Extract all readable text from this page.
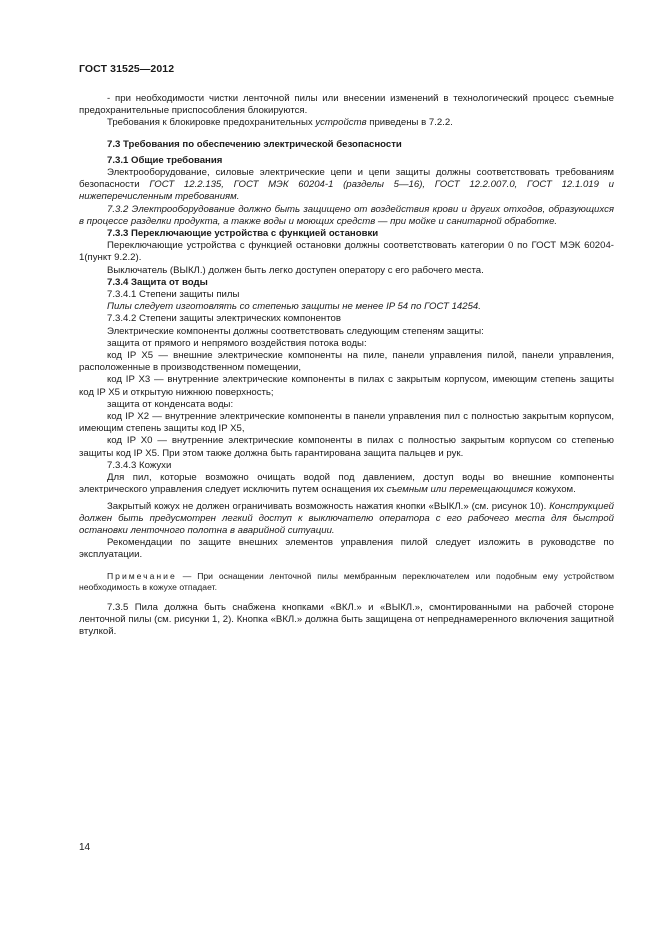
ГОСТ 31525—2012

- при необходимости чистки ленточной пилы или внесении изменений в технологический процесс съемные предохранительные приспособления блокируются.

Требования к блокировке предохранительных устройств приведены в 7.2.2.

7.3 Требования по обеспечению электрической безопасности

7.3.1 Общие требования

Электрооборудование, силовые электрические цепи и цепи защиты должны соответствовать требованиям безопасности ГОСТ 12.2.135, ГОСТ МЭК 60204-1 (разделы 5—16), ГОСТ 12.2.007.0, ГОСТ 12.1.019 и нижеперечисленным требованиям.

7.3.2 Электрооборудование должно быть защищено от воздействия крови и других отходов, образующихся в процессе разделки продукта, а также воды и моющих средств — при мойке и санитарной обработке.

7.3.3 Переключающие устройства с функцией остановки

Переключающие устройства с функцией остановки должны соответствовать категории 0 по ГОСТ МЭК 60204-1(пункт 9.2.2).

Выключатель (ВЫКЛ.) должен быть легко доступен оператору с его рабочего места.

7.3.4 Защита от воды

7.3.4.1 Степени защиты пилы

Пилы следует изготовлять со степенью защиты не менее IP 54 по ГОСТ 14254.

7.3.4.2 Степени защиты электрических компонентов

Электрические компоненты должны соответствовать следующим степеням защиты:

защита от прямого и непрямого воздействия потока воды:

код IP X5 — внешние электрические компоненты на пиле, панели управления пилой, панели управления, расположенные в производственном помещении,

код IP X3 — внутренние электрические компоненты в пилах с закрытым корпусом, имеющим степень защиты код IP X5 и открытую нижнюю поверхность;

защита от конденсата воды:

код IP X2 — внутренние электрические компоненты в панели управления пил с полностью закрытым корпусом, имеющим степень защиты код IP X5,

код IP X0 — внутренние электрические компоненты в пилах с полностью закрытым корпусом со степенью защиты код IP X5. При этом также должна быть гарантирована защита пальцев и рук.

7.3.4.3 Кожухи

Для пил, которые возможно очищать водой под давлением, доступ воды во внешние компоненты электрического управления следует исключить путем оснащения их съемным или перемещающимся кожухом.

Закрытый кожух не должен ограничивать возможность нажатия кнопки «ВЫКЛ.» (см. рисунок 10). Конструкцией должен быть предусмотрен легкий доступ к выключателю оператора с его рабочего места для быстрой остановки ленточного полотна в аварийной ситуации.

Рекомендации по защите внешних элементов управления пилой следует изложить в руководстве по эксплуатации.

Примечание — При оснащении ленточной пилы мембранным переключателем или подобным ему устройством необходимость в кожухе отпадает.

7.3.5 Пила должна быть снабжена кнопками «ВКЛ.» и «ВЫКЛ.», смонтированными на рабочей стороне ленточной пилы (см. рисунки 1, 2). Кнопка «ВКЛ.» должна быть защищена от непреднамеренного включения защитной втулкой.

14
